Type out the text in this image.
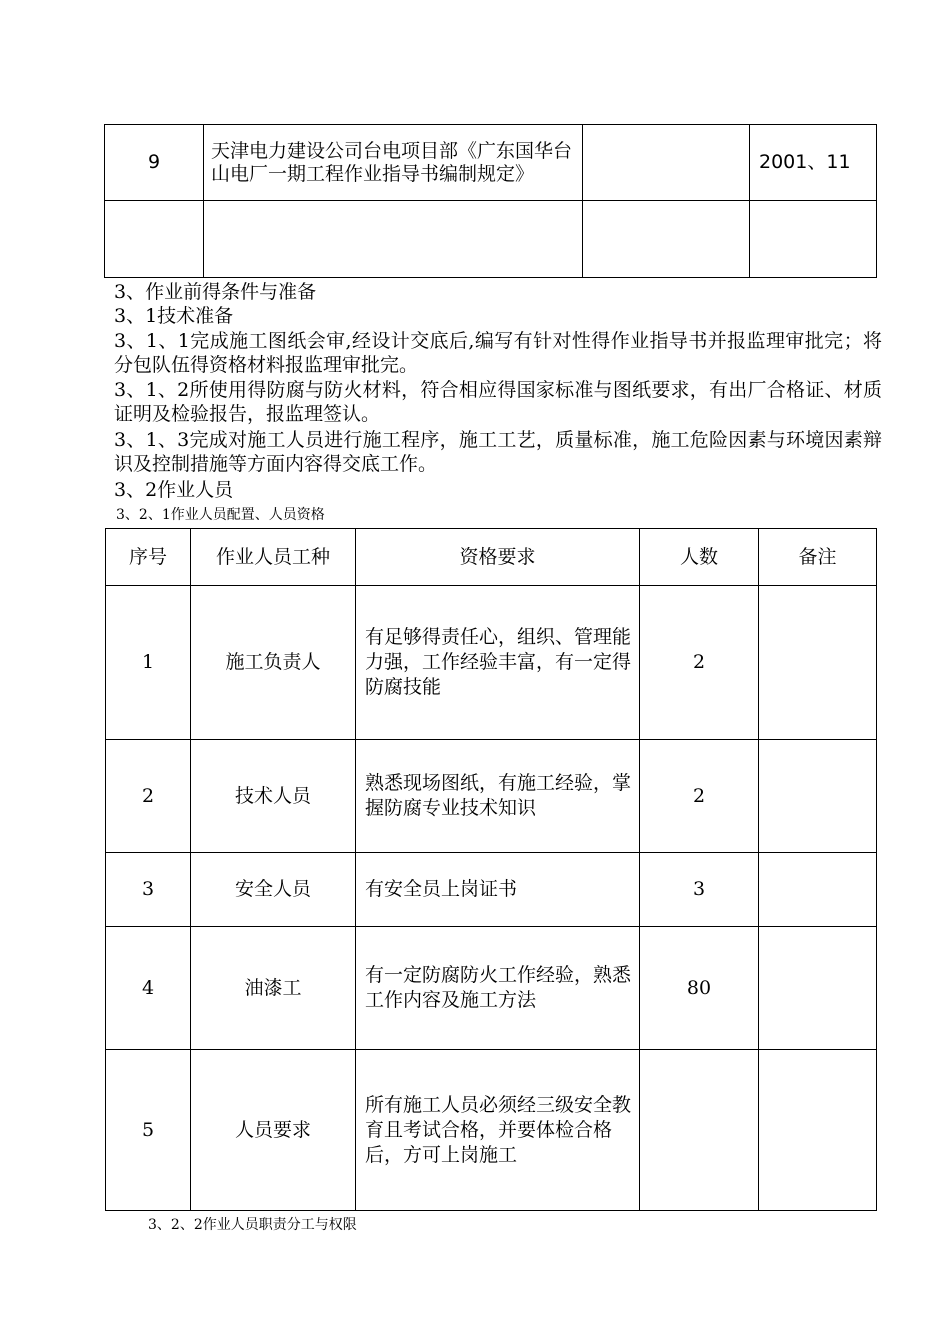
9	天津电力建设公司台电项目部《广东国华台山电厂一期工程作业指导书编制规定》		2001、11

3、作业前得条件与准备

3、1技术准备

3、1、1完成施工图纸会审,经设计交底后,编写有针对性得作业指导书并报监理审批完；将分包队伍得资格材料报监理审批完。

3、1、2所使用得防腐与防火材料，符合相应得国家标准与图纸要求，有出厂合格证、材质证明及检验报告，报监理签认。

3、1、3完成对施工人员进行施工程序，施工工艺，质量标准，施工危险因素与环境因素辩识及控制措施等方面内容得交底工作。

3、2作业人员

3、2、1作业人员配置、人员资格

序号	作业人员工种	资格要求	人数	备注
1	施工负责人	有足够得责任心，组织、管理能力强，工作经验丰富，有一定得防腐技能	2	
2	技术人员	熟悉现场图纸，有施工经验，掌握防腐专业技术知识	2	
3	安全人员	有安全员上岗证书	3	
4	油漆工	有一定防腐防火工作经验，熟悉工作内容及施工方法	80	
5	人员要求	所有施工人员必须经三级安全教育且考试合格，并要体检合格后，方可上岗施工		

3、2、2作业人员职责分工与权限
